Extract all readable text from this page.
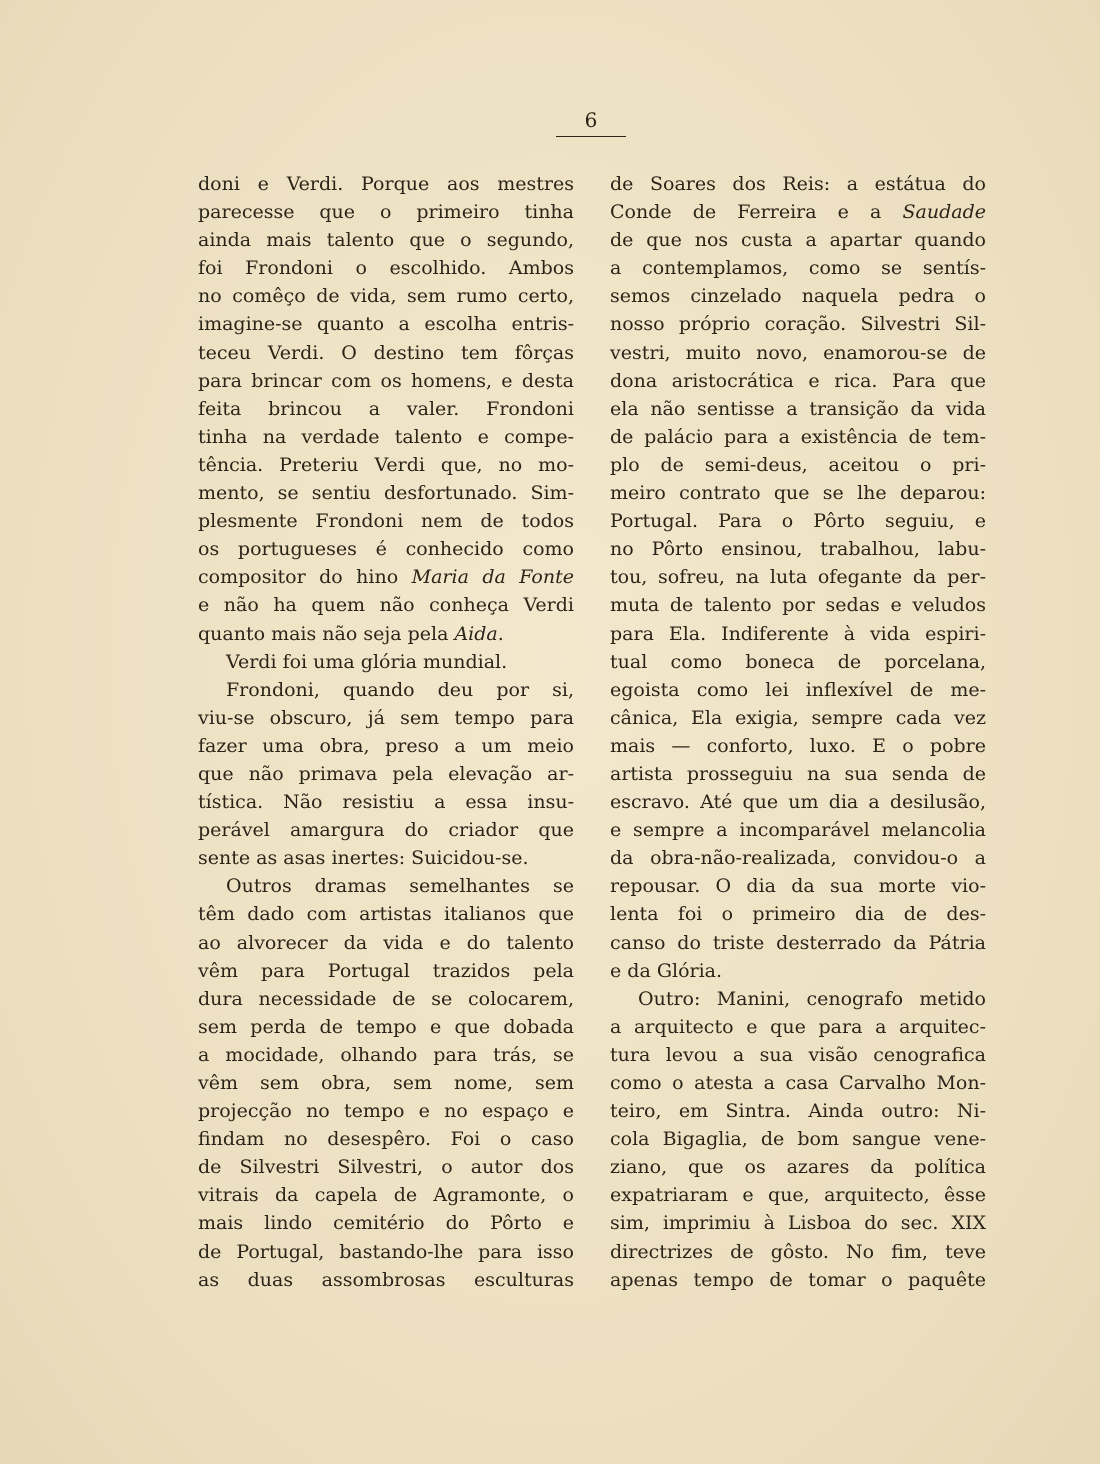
6
doni e Verdi. Porque aos mestres
parecesse que o primeiro tinha
ainda mais talento que o segundo,
foi Frondoni o escolhido. Ambos
no comêço de vida, sem rumo certo,
imagine-se quanto a escolha entris-
teceu Verdi. O destino tem fôrças
para brincar com os homens, e desta
feita brincou a valer. Frondoni
tinha na verdade talento e compe-
tência. Preteriu Verdi que, no mo-
mento, se sentiu desfortunado. Sim-
plesmente Frondoni nem de todos
os portugueses é conhecido como
compositor do hino Maria da Fonte
e não ha quem não conheça Verdi
quanto mais não seja pela Aida.
Verdi foi uma glória mundial.
Frondoni, quando deu por si,
viu-se obscuro, já sem tempo para
fazer uma obra, preso a um meio
que não primava pela elevação ar-
tística. Não resistiu a essa insu-
perável amargura do criador que
sente as asas inertes: Suicidou-se.
Outros dramas semelhantes se
têm dado com artistas italianos que
ao alvorecer da vida e do talento
vêm para Portugal trazidos pela
dura necessidade de se colocarem,
sem perda de tempo e que dobada
a mocidade, olhando para trás, se
vêm sem obra, sem nome, sem
projecção no tempo e no espaço e
findam no desespêro. Foi o caso
de Silvestri Silvestri, o autor dos
vitrais da capela de Agramonte, o
mais lindo cemitério do Pôrto e
de Portugal, bastando-lhe para isso
as duas assombrosas esculturas
de Soares dos Reis: a estátua do
Conde de Ferreira e a Saudade
de que nos custa a apartar quando
a contemplamos, como se sentís-
semos cinzelado naquela pedra o
nosso próprio coração. Silvestri Sil-
vestri, muito novo, enamorou-se de
dona aristocrática e rica. Para que
ela não sentisse a transição da vida
de palácio para a existência de tem-
plo de semi-deus, aceitou o pri-
meiro contrato que se lhe deparou:
Portugal. Para o Pôrto seguiu, e
no Pôrto ensinou, trabalhou, labu-
tou, sofreu, na luta ofegante da per-
muta de talento por sedas e veludos
para Ela. Indiferente à vida espiri-
tual como boneca de porcelana,
egoista como lei inflexível de me-
cânica, Ela exigia, sempre cada vez
mais — conforto, luxo. E o pobre
artista prosseguiu na sua senda de
escravo. Até que um dia a desilusão,
e sempre a incomparável melancolia
da obra-não-realizada, convidou-o a
repousar. O dia da sua morte vio-
lenta foi o primeiro dia de des-
canso do triste desterrado da Pátria
e da Glória.
Outro: Manini, cenografo metido
a arquitecto e que para a arquitec-
tura levou a sua visão cenografica
como o atesta a casa Carvalho Mon-
teiro, em Sintra. Ainda outro: Ni-
cola Bigaglia, de bom sangue vene-
ziano, que os azares da política
expatriaram e que, arquitecto, êsse
sim, imprimiu à Lisboa do sec. XIX
directrizes de gôsto. No fim, teve
apenas tempo de tomar o paquête
